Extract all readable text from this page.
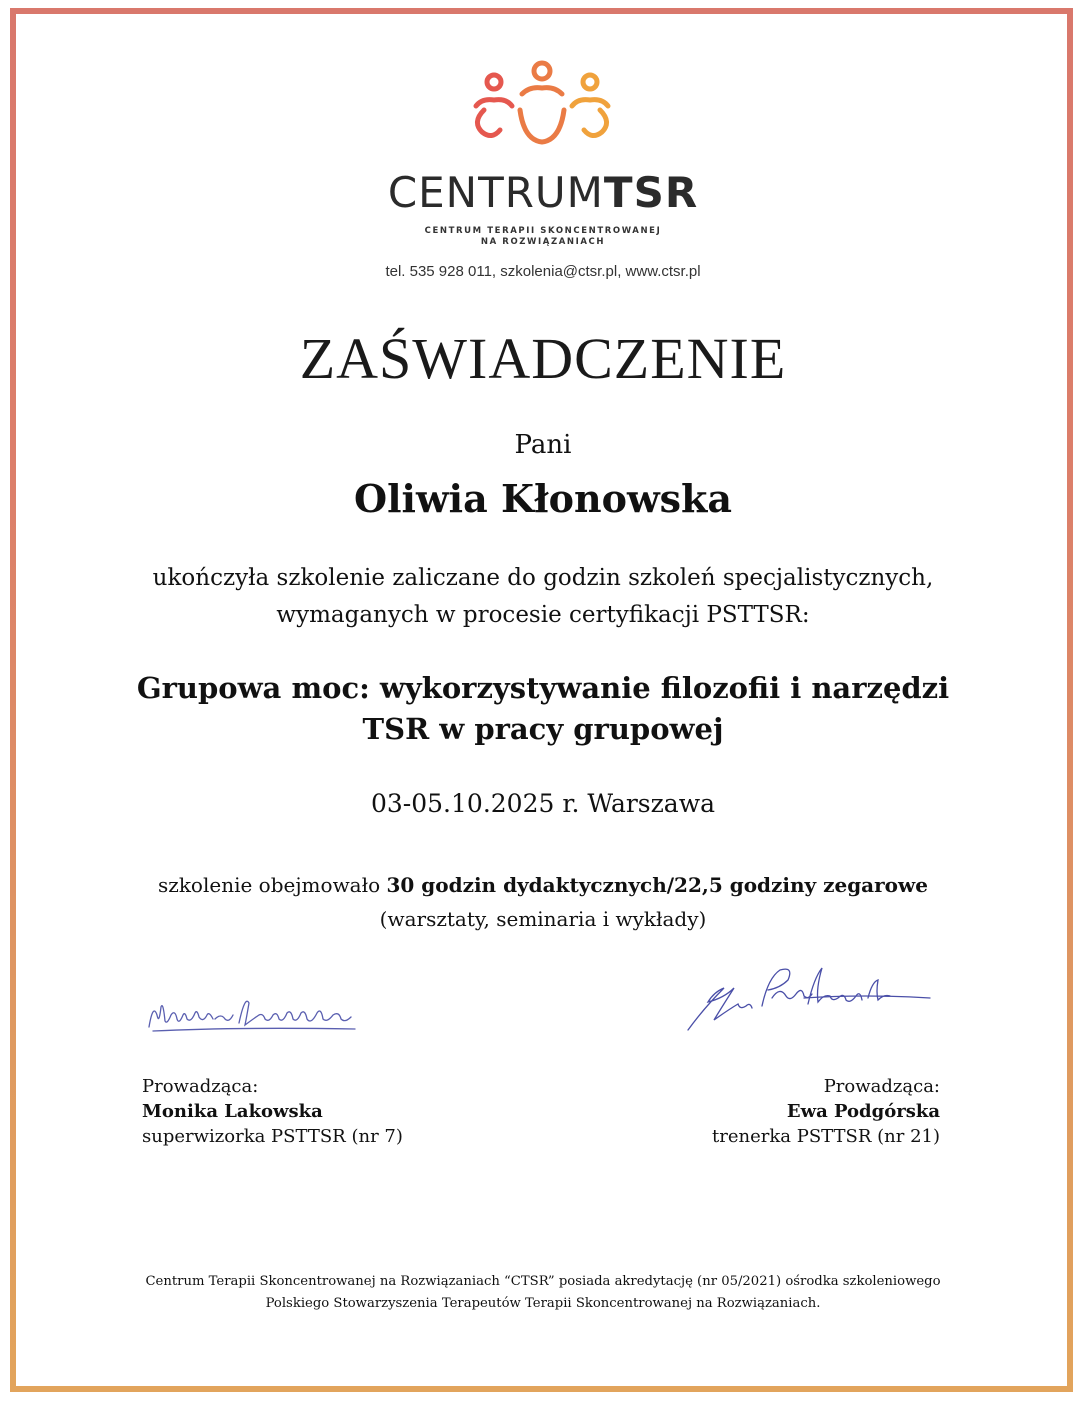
CENTRUMTSR
CENTRUM TERAPII SKONCENTROWANEJ
NA ROZWIĄZANIACH
tel. 535 928 011, szkolenia@ctsr.pl, www.ctsr.pl
ZAŚWIADCZENIE
Pani
Oliwia Kłonowska
ukończyła szkolenie zaliczane do godzin szkoleń specjalistycznych,
wymaganych w procesie certyfikacji PSTTSR:
Grupowa moc: wykorzystywanie filozofii i narzędzi
TSR w pracy grupowej
03-05.10.2025 r. Warszawa
szkolenie obejmowało 30 godzin dydaktycznych/22,5 godziny zegarowe
(warsztaty, seminaria i wykłady)
Prowadząca:
Monika Lakowska
superwizorka PSTTSR (nr 7)
Prowadząca:
Ewa Podgórska
trenerka PSTTSR (nr 21)
Centrum Terapii Skoncentrowanej na Rozwiązaniach “CTSR” posiada akredytację (nr 05/2021) ośrodka szkoleniowego
Polskiego Stowarzyszenia Terapeutów Terapii Skoncentrowanej na Rozwiązaniach.
